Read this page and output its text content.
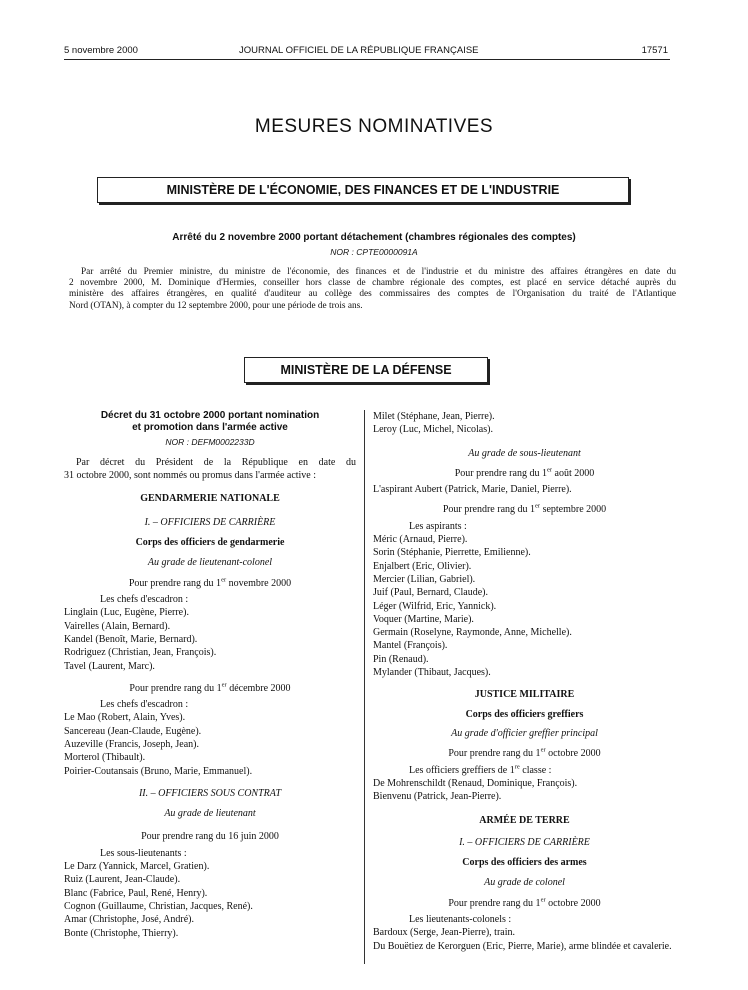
5 novembre 2000	JOURNAL OFFICIEL DE LA RÉPUBLIQUE FRANÇAISE	17571
MESURES NOMINATIVES
MINISTÈRE DE L'ÉCONOMIE, DES FINANCES ET DE L'INDUSTRIE
Arrêté du 2 novembre 2000 portant détachement (chambres régionales des comptes)
NOR : CPTE0000091A
Par arrêté du Premier ministre, du ministre de l'économie, des finances et de l'industrie et du ministre des affaires étrangères en date du
2 novembre 2000, M. Dominique d'Hermies, conseiller hors classe de chambre régionale des comptes, est placé en service détaché auprès du
ministère des affaires étrangères, en qualité d'auditeur au collège des commissaires des comptes de l'Organisation du traité de l'Atlantique
Nord (OTAN), à compter du 12 septembre 2000, pour une période de trois ans.
MINISTÈRE DE LA DÉFENSE
Décret du 31 octobre 2000 portant nomination
et promotion dans l'armée active
NOR : DEFM0002233D
Par décret du Président de la République en date du
31 octobre 2000, sont nommés ou promus dans l'armée active :
GENDARMERIE NATIONALE
I. – OFFICIERS DE CARRIÈRE
Corps des officiers de gendarmerie
Au grade de lieutenant-colonel
Pour prendre rang du 1er novembre 2000
Les chefs d'escadron :
Linglain (Luc, Eugène, Pierre).
Vairelles (Alain, Bernard).
Kandel (Benoît, Marie, Bernard).
Rodriguez (Christian, Jean, François).
Tavel (Laurent, Marc).
Pour prendre rang du 1er décembre 2000
Les chefs d'escadron :
Le Mao (Robert, Alain, Yves).
Sancereau (Jean-Claude, Eugène).
Auzeville (Francis, Joseph, Jean).
Morterol (Thibault).
Poirier-Coutansais (Bruno, Marie, Emmanuel).
II. – OFFICIERS SOUS CONTRAT
Au grade de lieutenant
Pour prendre rang du 16 juin 2000
Les sous-lieutenants :
Le Darz (Yannick, Marcel, Gratien).
Ruiz (Laurent, Jean-Claude).
Blanc (Fabrice, Paul, René, Henry).
Cognon (Guillaume, Christian, Jacques, René).
Amar (Christophe, José, André).
Bonte (Christophe, Thierry).
Milet (Stéphane, Jean, Pierre).
Leroy (Luc, Michel, Nicolas).
Au grade de sous-lieutenant
Pour prendre rang du 1er août 2000
L'aspirant Aubert (Patrick, Marie, Daniel, Pierre).
Pour prendre rang du 1er septembre 2000
Les aspirants :
Méric (Arnaud, Pierre).
Sorin (Stéphanie, Pierrette, Emilienne).
Enjalbert (Eric, Olivier).
Mercier (Lilian, Gabriel).
Juif (Paul, Bernard, Claude).
Léger (Wilfrid, Eric, Yannick).
Voquer (Martine, Marie).
Germain (Roselyne, Raymonde, Anne, Michelle).
Mantel (François).
Pin (Renaud).
Mylander (Thibaut, Jacques).
JUSTICE MILITAIRE
Corps des officiers greffiers
Au grade d'officier greffier principal
Pour prendre rang du 1er octobre 2000
Les officiers greffiers de 1re classe :
De Mohrenschildt (Renaud, Dominique, François).
Bienvenu (Patrick, Jean-Pierre).
ARMÉE DE TERRE
I. – OFFICIERS DE CARRIÈRE
Corps des officiers des armes
Au grade de colonel
Pour prendre rang du 1er octobre 2000
Les lieutenants-colonels :
Bardoux (Serge, Jean-Pierre), train.
Du Bouëtiez de Kerorguen (Eric, Pierre, Marie), arme blindée et cavalerie.
